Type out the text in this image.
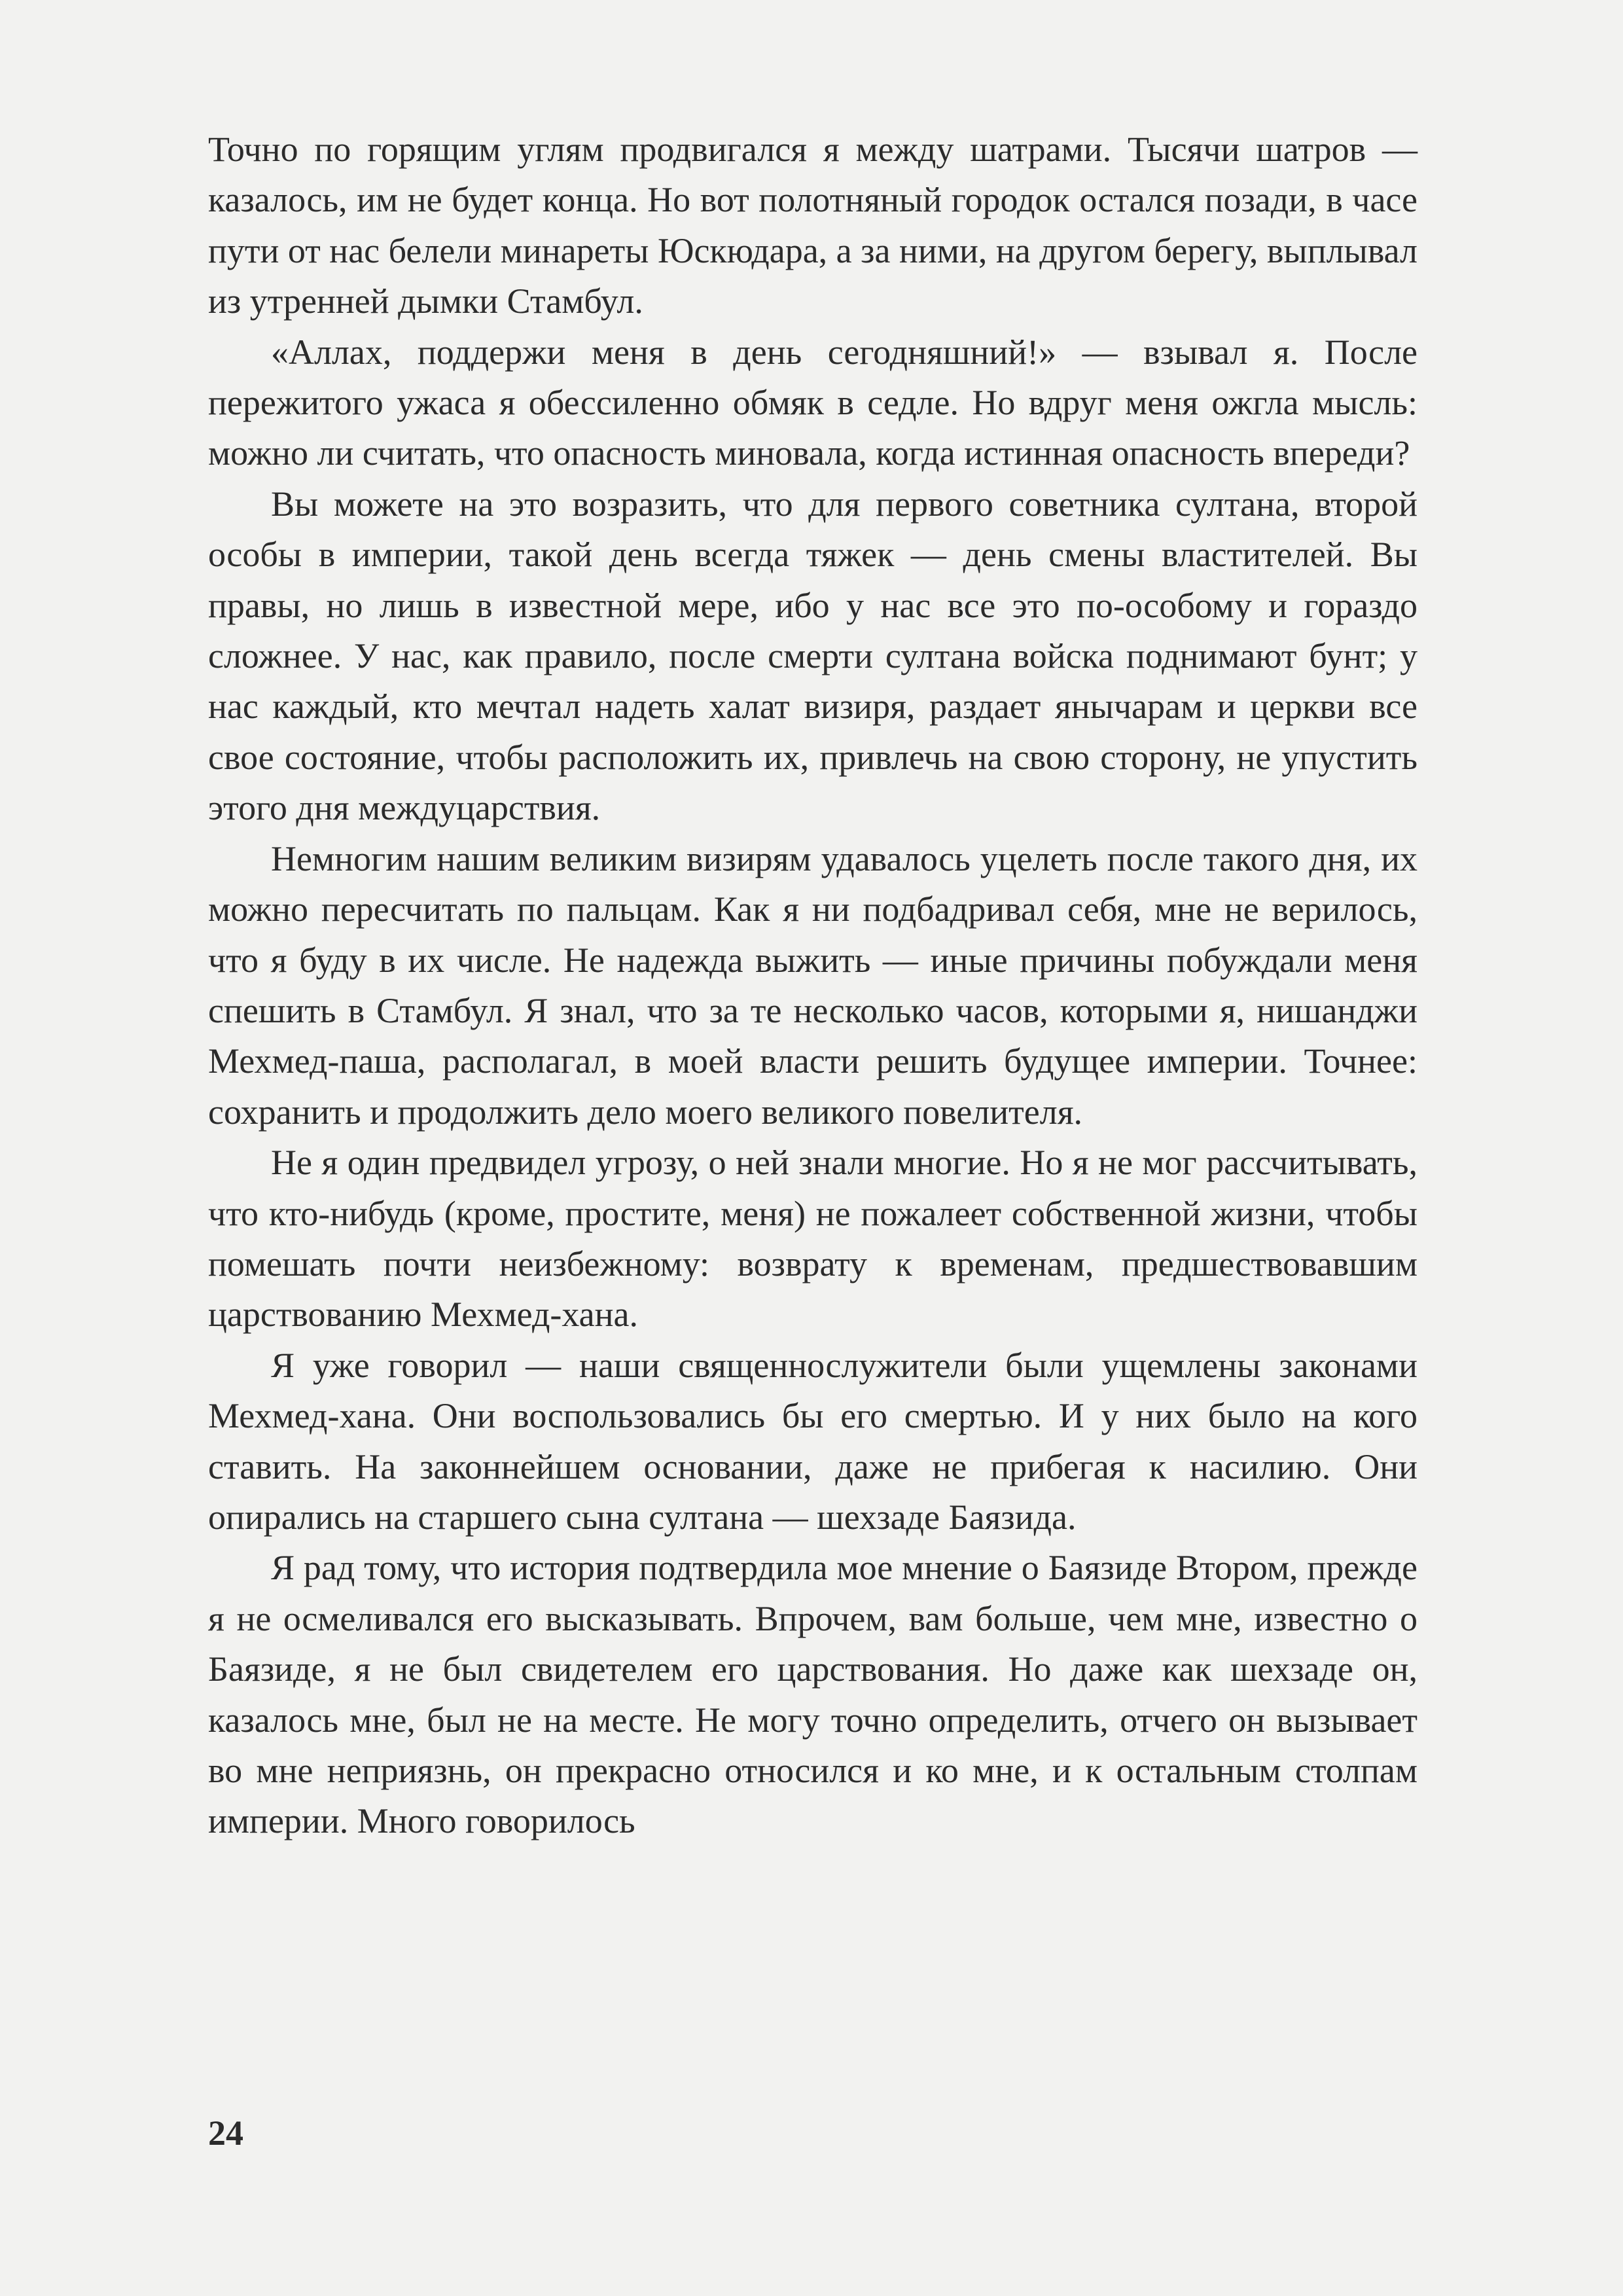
Точно по горящим углям продвигался я между шатрами. Тысячи шатров — казалось, им не будет конца. Но вот полотняный городок остался позади, в часе пути от нас белели минареты Юскюдара, а за ними, на другом берегу, выплывал из утренней дымки Стамбул.

«Аллах, поддержи меня в день сегодняшний!» — взывал я. После пережитого ужаса я обессиленно обмяк в седле. Но вдруг меня ожгла мысль: можно ли считать, что опасность миновала, когда истинная опасность впереди?

Вы можете на это возразить, что для первого советника султана, второй особы в империи, такой день всегда тяжек — день смены властителей. Вы правы, но лишь в известной мере, ибо у нас все это по-особому и гораздо сложнее. У нас, как правило, после смерти султана войска поднимают бунт; у нас каждый, кто мечтал надеть халат визиря, раздает янычарам и церкви все свое состояние, чтобы расположить их, привлечь на свою сторону, не упустить этого дня междуцарствия.

Немногим нашим великим визирям удавалось уцелеть после такого дня, их можно пересчитать по пальцам. Как я ни подбадривал себя, мне не верилось, что я буду в их числе. Не надежда выжить — иные причины побуждали меня спешить в Стамбул. Я знал, что за те несколько часов, которыми я, нишанджи Мехмед-паша, располагал, в моей власти решить будущее империи. Точнее: сохранить и продолжить дело моего великого повелителя.

Не я один предвидел угрозу, о ней знали многие. Но я не мог рассчитывать, что кто-нибудь (кроме, простите, меня) не пожалеет собственной жизни, чтобы помешать почти неизбежному: возврату к временам, предшествовавшим царствованию Мехмед-хана.

Я уже говорил — наши священнослужители были ущемлены законами Мехмед-хана. Они воспользовались бы его смертью. И у них было на кого ставить. На законнейшем основании, даже не прибегая к насилию. Они опирались на старшего сына султана — шехзаде Баязида.

Я рад тому, что история подтвердила мое мнение о Баязиде Втором, прежде я не осмеливался его высказывать. Впрочем, вам больше, чем мне, известно о Баязиде, я не был свидетелем его царствования. Но даже как шехзаде он, казалось мне, был не на месте. Не могу точно определить, отчего он вызывает во мне неприязнь, он прекрасно относился и ко мне, и к остальным столпам империи. Много говорилось

24
